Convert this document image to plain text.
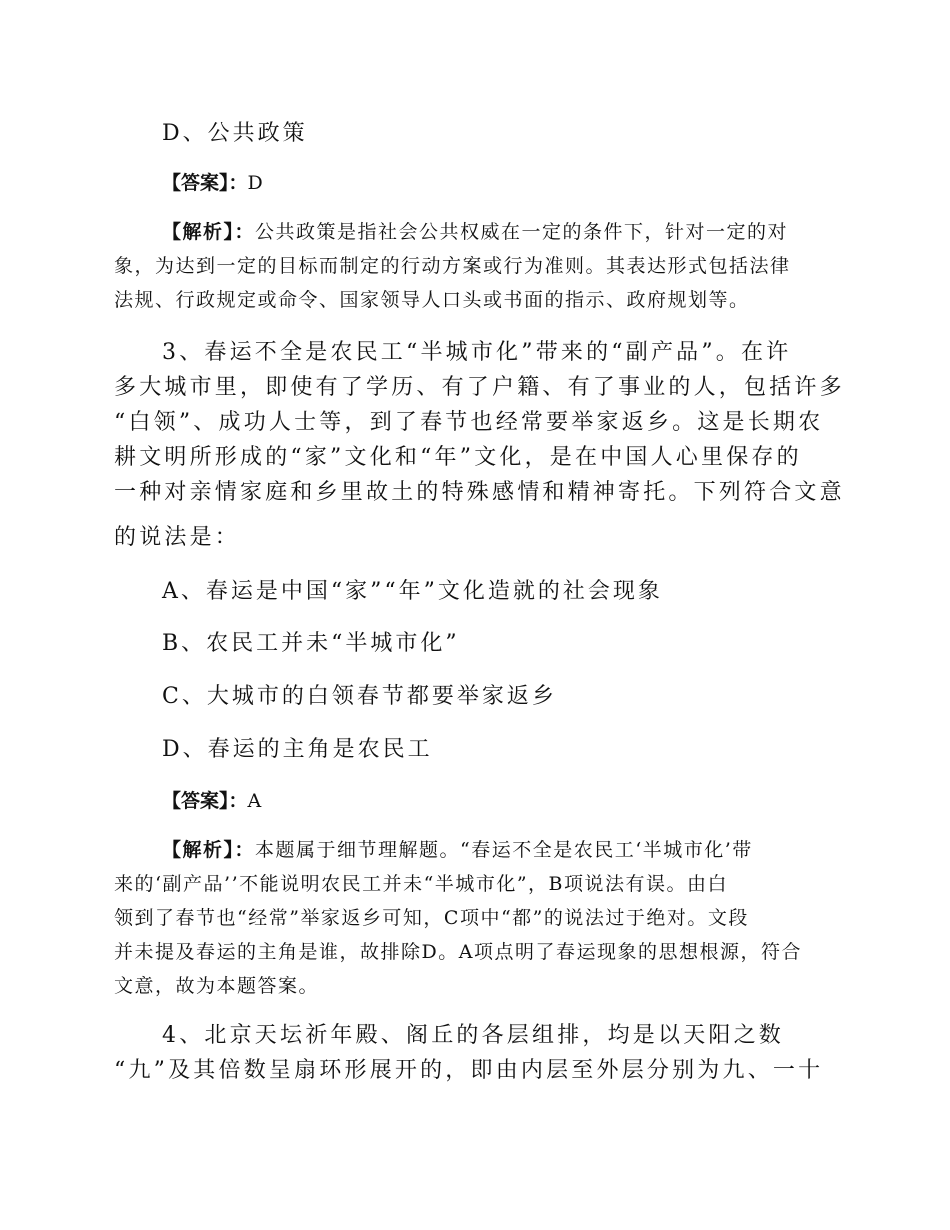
D、公共政策
【答案】：D
【解析】：公共政策是指社会公共权威在一定的条件下，针对一定的对
象，为达到一定的目标而制定的行动方案或行为准则。其表达形式包括法律
法规、行政规定或命令、国家领导人口头或书面的指示、政府规划等。
3、春运不全是农民工“半城市化”带来的“副产品”。在许
多大城市里，即使有了学历、有了户籍、有了事业的人，包括许多
“白领”、成功人士等，到了春节也经常要举家返乡。这是长期农
耕文明所形成的“家”文化和“年”文化，是在中国人心里保存的
一种对亲情家庭和乡里故土的特殊感情和精神寄托。下列符合文意
的说法是：
A、春运是中国“家”“年”文化造就的社会现象
B、农民工并未“半城市化”
C、大城市的白领春节都要举家返乡
D、春运的主角是农民工
【答案】：A
【解析】：本题属于细节理解题。“春运不全是农民工‘半城市化’带
来的‘副产品’’不能说明农民工并未“半城市化”，B项说法有误。由白
领到了春节也“经常”举家返乡可知，C项中“都”的说法过于绝对。文段
并未提及春运的主角是谁，故排除D。A项点明了春运现象的思想根源，符合
文意，故为本题答案。
4、北京天坛祈年殿、阁丘的各层组排，均是以天阳之数
“九”及其倍数呈扇环形展开的，即由内层至外层分别为九、一十
